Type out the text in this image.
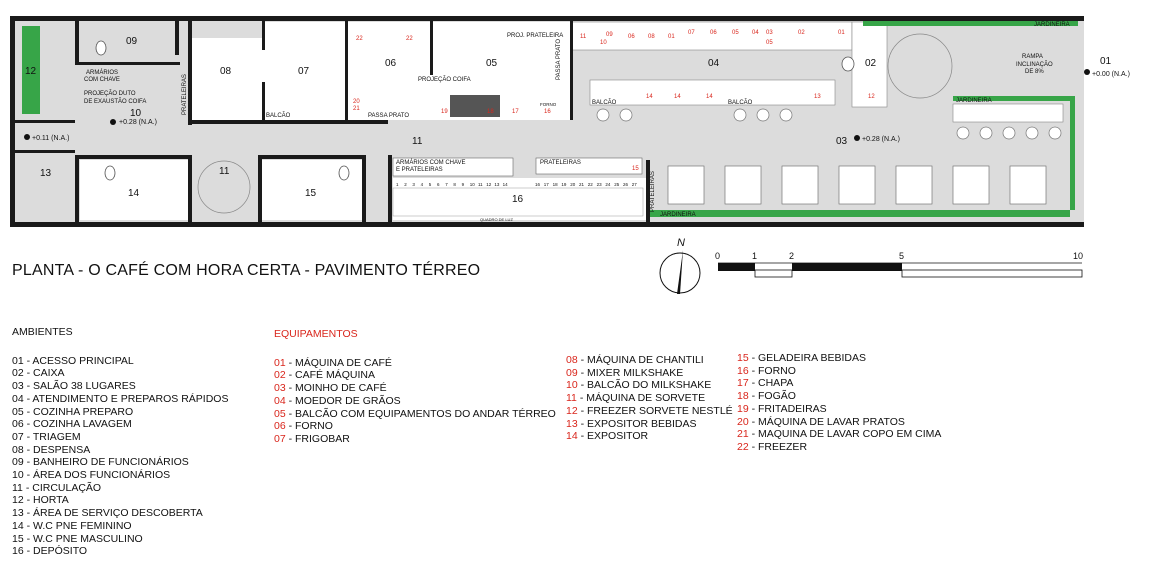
01
02
03
04
05
06
07
08
09
10
11
11
12
13
14	15
16
+0.00 (N.A.)
+0.28 (N.A.)
+0.28 (N.A.)
+0.11 (N.A.)
JARDINEIRA
JARDINEIRA
JARDINEIRA
RAMPA
INCLINAÇÃO
DE 8%
ARMÁRIOS
COM CHAVE
PROJEÇÃO DUTO
DE EXAUSTÃO COIFA	PRATELEIRAS
PASSA PRATO
PRATELEIRAS
PROJ. PRATELEIRA
PROJEÇÃO COIFA
BALCÃO
BALCÃO	BALCÃO
PASSA PRATO
ARMÁRIOS COM CHAVE
E PRATELEIRAS
PRATELEIRAS
FORNO
QUADRO DE LUZ
22	22	11	09
10
06 08 01
07	06	05 04 03
05
02	01
14	14	14	13	12
20
21	19	18	17	16
15
1 2 3 4 5 6 7 8 9 10 11 12 13 14	16 17 18 19 20 21 22 23 24 25 26 27
PLANTA - O CAFÉ COM HORA CERTA - PAVIMENTO TÉRREO
N
0	1	2	5	10
AMBIENTES
01 - ACESSO PRINCIPAL
02 - CAIXA
03 - SALÃO 38 LUGARES
04 - ATENDIMENTO E PREPAROS RÁPIDOS
05 - COZINHA PREPARO
06 - COZINHA LAVAGEM
07 - TRIAGEM
08 - DESPENSA
09 - BANHEIRO DE FUNCIONÁRIOS
10 - ÁREA DOS FUNCIONÁRIOS
11 - CIRCULAÇÃO
12 - HORTA
13 - ÁREA DE SERVIÇO DESCOBERTA
14 - W.C PNE FEMININO
15 - W.C PNE MASCULINO
16 - DEPÓSITO
EQUIPAMENTOS
01 - MÁQUINA DE CAFÉ
02 - CAFÉ MÁQUINA
03 - MOINHO DE CAFÉ
04 - MOEDOR DE GRÃOS
05 - BALCÃO COM EQUIPAMENTOS DO ANDAR TÉRREO
06 - FORNO
07 - FRIGOBAR
08 - MÁQUINA DE CHANTILI
09 - MIXER MILKSHAKE
10 - BALCÃO DO MILKSHAKE
11 - MÁQUINA DE SORVETE
12 - FREEZER SORVETE NESTLÉ
13 - EXPOSITOR BEBIDAS
14 - EXPOSITOR
15 - GELADEIRA BEBIDAS
16 - FORNO
17 - CHAPA
18 - FOGÃO
19 - FRITADEIRAS
20 - MÁQUINA DE LAVAR PRATOS
21 - MAQUINA DE LAVAR COPO EM CIMA
22 - FREEZER
